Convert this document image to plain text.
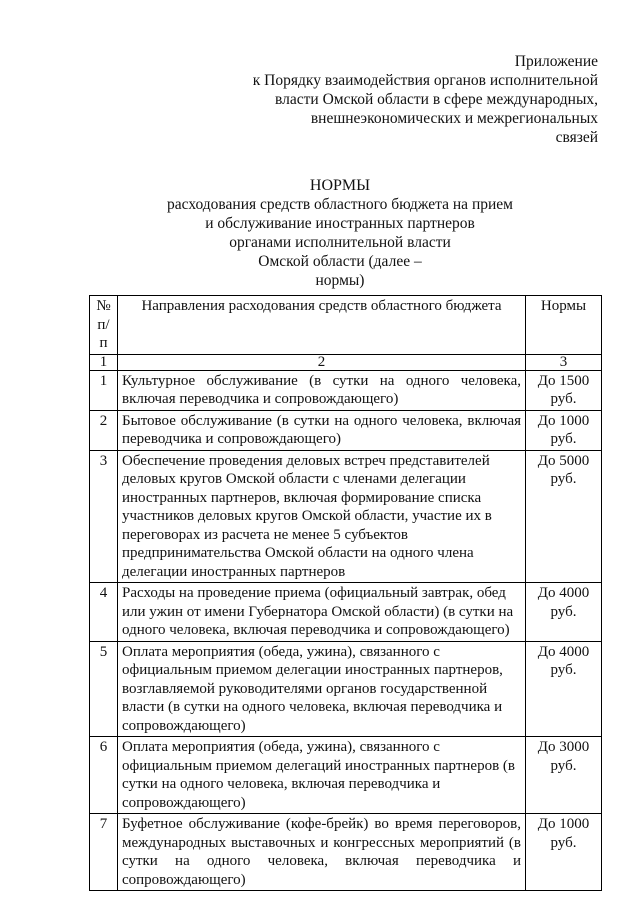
Приложение
к Порядку взаимодействия органов исполнительной
власти Омской области в сфере международных,
внешнеэкономических и межрегиональных
связей
НОРМЫ
расходования средств областного бюджета на прием
и обслуживание иностранных партнеров
органами исполнительной власти
Омской области (далее –
нормы)
№ п/п	Направления расходования средств областного бюджета	Нормы
1	2	3
1	Культурное обслуживание (в сутки на одного человека, включая переводчика и сопровождающего)	До 1500 руб.
2	Бытовое обслуживание (в сутки на одного человека, включая переводчика и сопровождающего)	До 1000 руб.
3	Обеспечение проведения деловых встреч представителей деловых кругов Омской области с членами делегации иностранных партнеров, включая формирование списка участников деловых кругов Омской области, участие их в переговорах из расчета не менее 5 субъектов предпринимательства Омской области на одного члена делегации иностранных партнеров	До 5000 руб.
4	Расходы на проведение приема (официальный завтрак, обед или ужин от имени Губернатора Омской области) (в сутки на одного человека, включая переводчика и сопровождающего)	До 4000 руб.
5	Оплата мероприятия (обеда, ужина), связанного с официальным приемом делегации иностранных партнеров, возглавляемой руководителями органов государственной власти (в сутки на одного человека, включая переводчика и сопровождающего)	До 4000 руб.
6	Оплата мероприятия (обеда, ужина), связанного с официальным приемом делегаций иностранных партнеров (в сутки на одного человека, включая переводчика и сопровождающего)	До 3000 руб.
7	Буфетное обслуживание (кофе-брейк) во время переговоров, международных выставочных и конгрессных мероприятий (в сутки на одного человека, включая переводчика и сопровождающего)	До 1000 руб.
